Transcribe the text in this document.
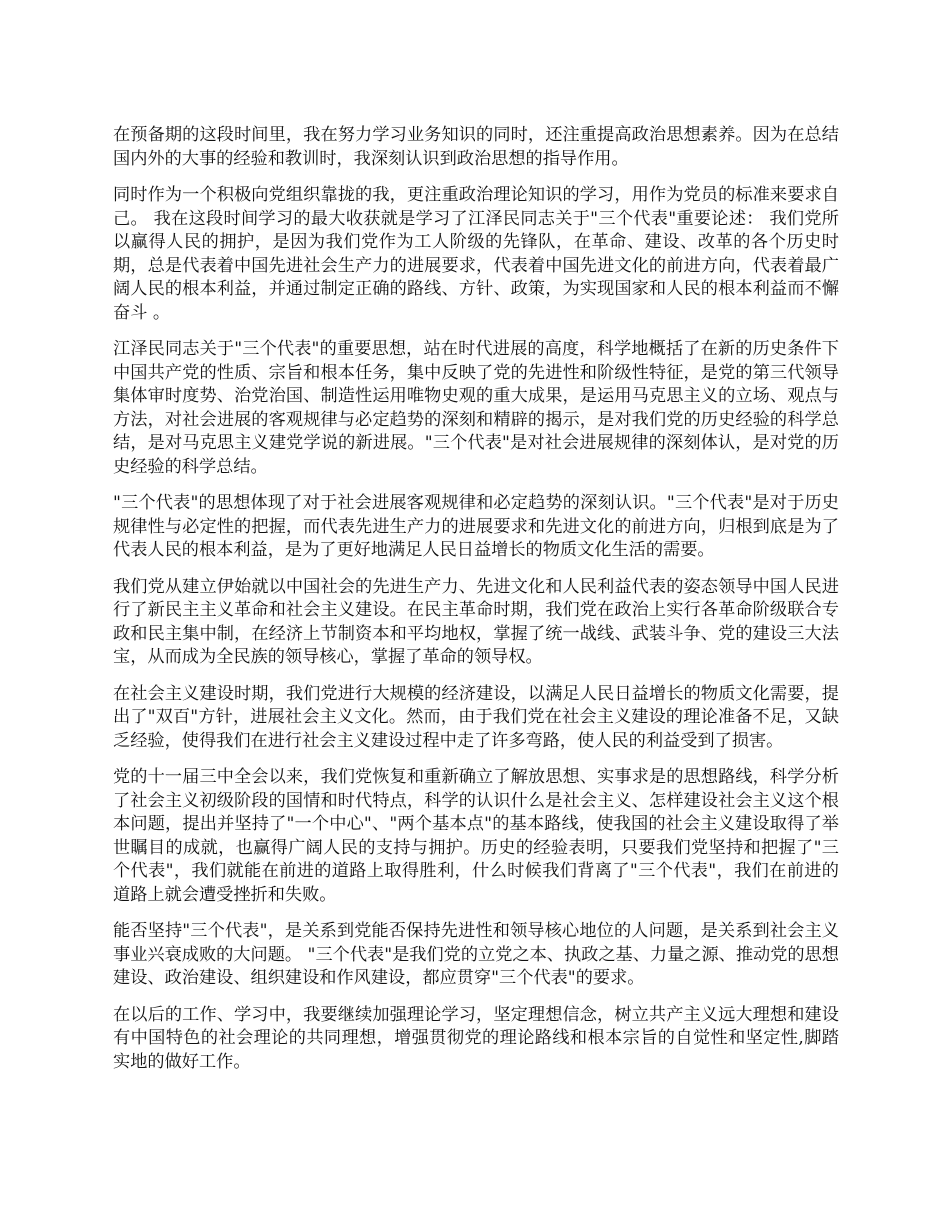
在预备期的这段时间里，我在努力学习业务知识的同时，还注重提高政治思想素养。因为在总结国内外的大事的经验和教训时，我深刻认识到政治思想的指导作用。

同时作为一个积极向党组织靠拢的我，更注重政治理论知识的学习，用作为党员的标准来要求自己。 我在这段时间学习的最大收获就是学习了江泽民同志关于"三个代表"重要论述： 我们党所以赢得人民的拥护，是因为我们党作为工人阶级的先锋队，在革命、建设、改革的各个历史时期，总是代表着中国先进社会生产力的进展要求，代表着中国先进文化的前进方向，代表着最广阔人民的根本利益，并通过制定正确的路线、方针、政策，为实现国家和人民的根本利益而不懈奋斗 。

江泽民同志关于"三个代表"的重要思想，站在时代进展的高度，科学地概括了在新的历史条件下中国共产党的性质、宗旨和根本任务，集中反映了党的先进性和阶级性特征，是党的第三代领导集体审时度势、治党治国、制造性运用唯物史观的重大成果，是运用马克思主义的立场、观点与方法，对社会进展的客观规律与必定趋势的深刻和精辟的揭示，是对我们党的历史经验的科学总结，是对马克思主义建党学说的新进展。"三个代表"是对社会进展规律的深刻体认，是对党的历史经验的科学总结。

"三个代表"的思想体现了对于社会进展客观规律和必定趋势的深刻认识。"三个代表"是对于历史规律性与必定性的把握，而代表先进生产力的进展要求和先进文化的前进方向，归根到底是为了代表人民的根本利益，是为了更好地满足人民日益增长的物质文化生活的需要。

我们党从建立伊始就以中国社会的先进生产力、先进文化和人民利益代表的姿态领导中国人民进行了新民主主义革命和社会主义建设。在民主革命时期，我们党在政治上实行各革命阶级联合专政和民主集中制，在经济上节制资本和平均地权，掌握了统一战线、武装斗争、党的建设三大法宝，从而成为全民族的领导核心，掌握了革命的领导权。

在社会主义建设时期，我们党进行大规模的经济建设，以满足人民日益增长的物质文化需要，提出了"双百"方针，进展社会主义文化。然而，由于我们党在社会主义建设的理论准备不足，又缺乏经验，使得我们在进行社会主义建设过程中走了许多弯路，使人民的利益受到了损害。

党的十一届三中全会以来，我们党恢复和重新确立了解放思想、实事求是的思想路线，科学分析了社会主义初级阶段的国情和时代特点，科学的认识什么是社会主义、怎样建设社会主义这个根本问题，提出并坚持了"一个中心"、"两个基本点"的基本路线，使我国的社会主义建设取得了举世瞩目的成就，也赢得广阔人民的支持与拥护。历史的经验表明，只要我们党坚持和把握了"三个代表"，我们就能在前进的道路上取得胜利，什么时候我们背离了"三个代表"，我们在前进的道路上就会遭受挫折和失败。

能否坚持"三个代表"，是关系到党能否保持先进性和领导核心地位的人问题，是关系到社会主义事业兴衰成败的大问题。 "三个代表"是我们党的立党之本、执政之基、力量之源、推动党的思想建设、政治建设、组织建设和作风建设，都应贯穿"三个代表"的要求。

在以后的工作、学习中，我要继续加强理论学习，坚定理想信念，树立共产主义远大理想和建设有中国特色的社会理论的共同理想，增强贯彻党的理论路线和根本宗旨的自觉性和坚定性,脚踏实地的做好工作。
